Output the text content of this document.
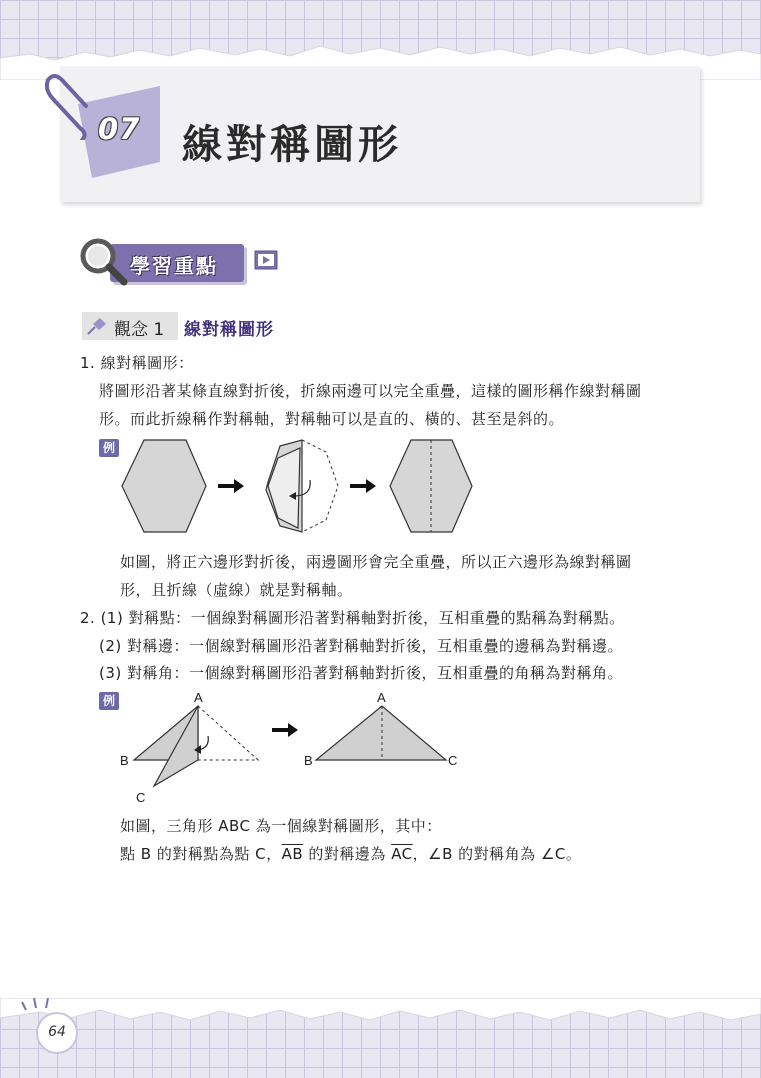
07 線對稱圖形
學習重點
觀念 1 線對稱圖形
1. 線對稱圖形：
將圖形沿著某條直線對折後，折線兩邊可以完全重疊，這樣的圖形稱作線對稱圖
形。而此折線稱作對稱軸，對稱軸可以是直的、橫的、甚至是斜的。
例
如圖，將正六邊形對折後，兩邊圖形會完全重疊，所以正六邊形為線對稱圖
形，且折線（虛線）就是對稱軸。
2. (1) 對稱點：一個線對稱圖形沿著對稱軸對折後，互相重疊的點稱為對稱點。
(2) 對稱邊：一個線對稱圖形沿著對稱軸對折後，互相重疊的邊稱為對稱邊。
(3) 對稱角：一個線對稱圖形沿著對稱軸對折後，互相重疊的角稱為對稱角。
例	A
B
C
A
B	C
如圖，三角形 ABC 為一個線對稱圖形，其中：
點 B 的對稱點為點 C，$\overline{AB}$ 的對稱邊為 $\overline{AC}$，∠B 的對稱角為 ∠C。
64
